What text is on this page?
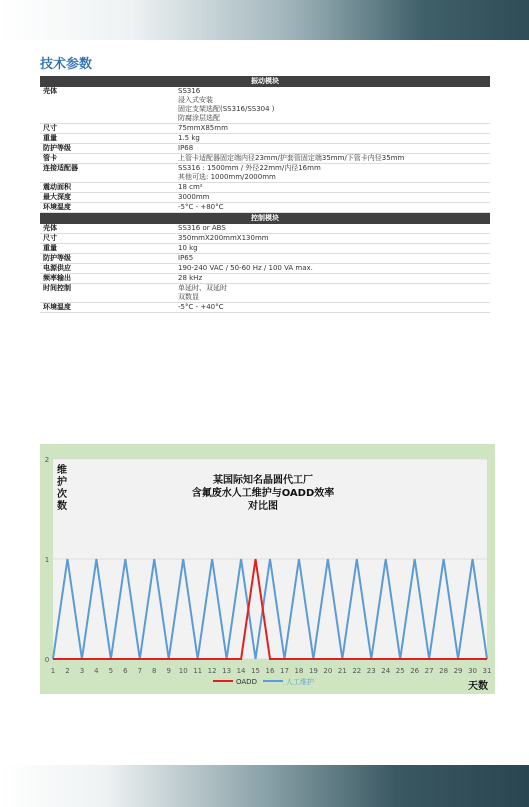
技术参数
振动模块
壳体	SS316
浸入式安装
固定支架选配(SS316/SS304 )
防腐涂层选配
尺寸	75mmX85mm
重量	1.5 kg
防护等级	IP68
管卡	上管卡适配器固定端内径23mm/护套管固定端35mm/下管卡内径35mm
连接适配器	SS316 : 1500mm / 外径22mm/内径16mm
其他可选: 1000mm/2000mm
震动面积	18 cm²
最大深度	3000mm
环境温度	-5°C - +80°C
控制模块
壳体	SS316 or ABS
尺寸	350mmX200mmX130mm
重量	10 kg
防护等级	IP65
电源供应	190-240 VAC / 50-60 Hz / 100 VA max.
频率输出	28 kHz
时间控制	单延时、双延时
双数显
环境温度	-5°C - +40°C
0
1
2
1 2 3 4 5 6 7 8 9 10 11 12 13 14 15 16 17 18 19 20 21 22 23 24 25 26 27 28 29 30 31
维
护
次
数
天数
某国际知名晶圆代工厂
含氟废水人工维护与OADD效率
对比图
OADD	人工维护
